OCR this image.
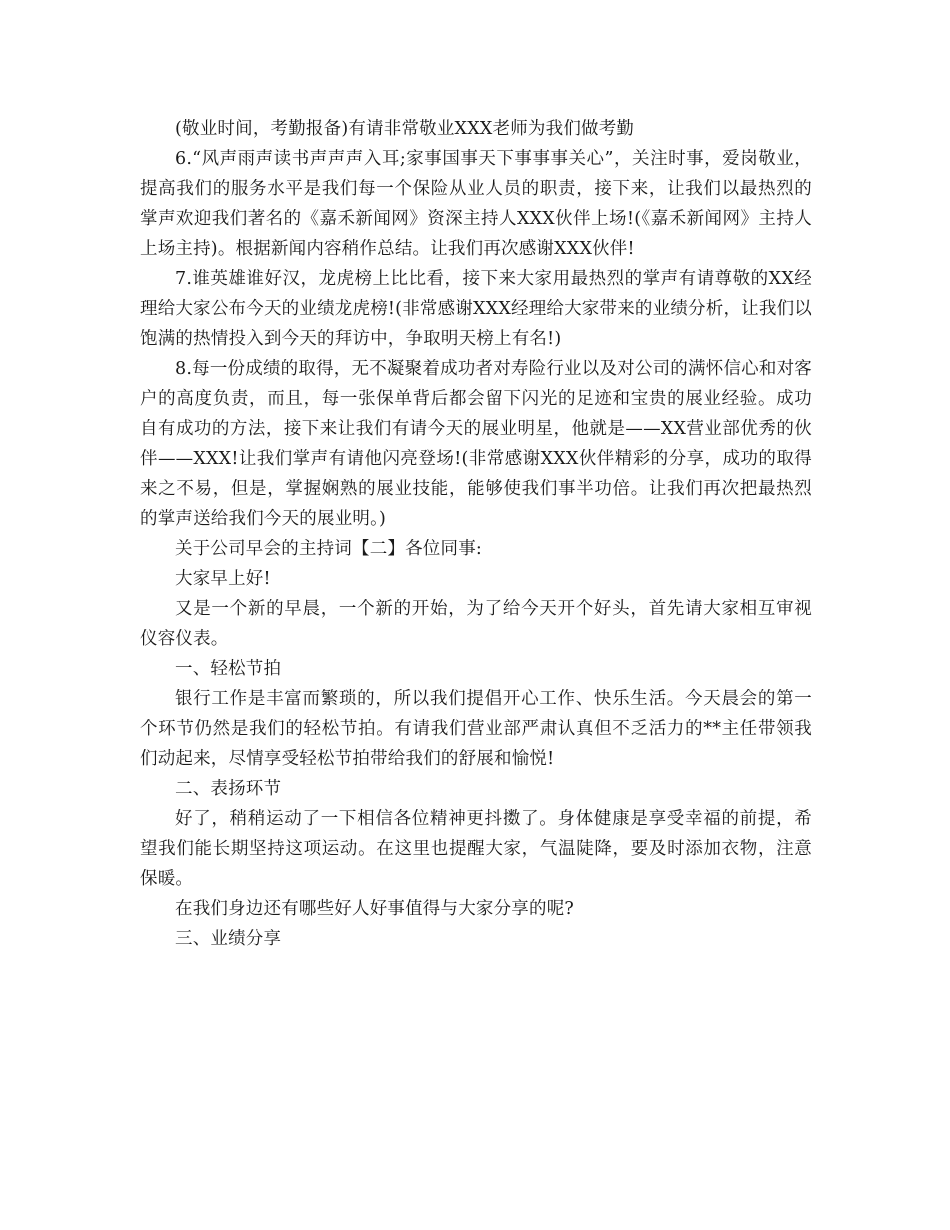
(敬业时间，考勤报备)有请非常敬业XXX老师为我们做考勤

6.“风声雨声读书声声声入耳;家事国事天下事事事关心”，关注时事，爱岗敬业，提高我们的服务水平是我们每一个保险从业人员的职责，接下来，让我们以最热烈的掌声欢迎我们著名的《嘉禾新闻网》资深主持人XXX伙伴上场!(《嘉禾新闻网》主持人上场主持)。根据新闻内容稍作总结。让我们再次感谢XXX伙伴!

7.谁英雄谁好汉，龙虎榜上比比看，接下来大家用最热烈的掌声有请尊敬的XX经理给大家公布今天的业绩龙虎榜!(非常感谢XXX经理给大家带来的业绩分析，让我们以饱满的热情投入到今天的拜访中，争取明天榜上有名!)

8.每一份成绩的取得，无不凝聚着成功者对寿险行业以及对公司的满怀信心和对客户的高度负责，而且，每一张保单背后都会留下闪光的足迹和宝贵的展业经验。成功自有成功的方法，接下来让我们有请今天的展业明星，他就是——XX营业部优秀的伙伴——XXX!让我们掌声有请他闪亮登场!(非常感谢XXX伙伴精彩的分享，成功的取得来之不易，但是，掌握娴熟的展业技能，能够使我们事半功倍。让我们再次把最热烈的掌声送给我们今天的展业明。)

关于公司早会的主持词【二】各位同事:

大家早上好!

又是一个新的早晨，一个新的开始，为了给今天开个好头，首先请大家相互审视仪容仪表。

一、轻松节拍

银行工作是丰富而繁琐的，所以我们提倡开心工作、快乐生活。今天晨会的第一个环节仍然是我们的轻松节拍。有请我们营业部严肃认真但不乏活力的**主任带领我们动起来，尽情享受轻松节拍带给我们的舒展和愉悦!

二、表扬环节

好了，稍稍运动了一下相信各位精神更抖擞了。身体健康是享受幸福的前提，希望我们能长期坚持这项运动。在这里也提醒大家，气温陡降，要及时添加衣物，注意保暖。

在我们身边还有哪些好人好事值得与大家分享的呢?

三、业绩分享
